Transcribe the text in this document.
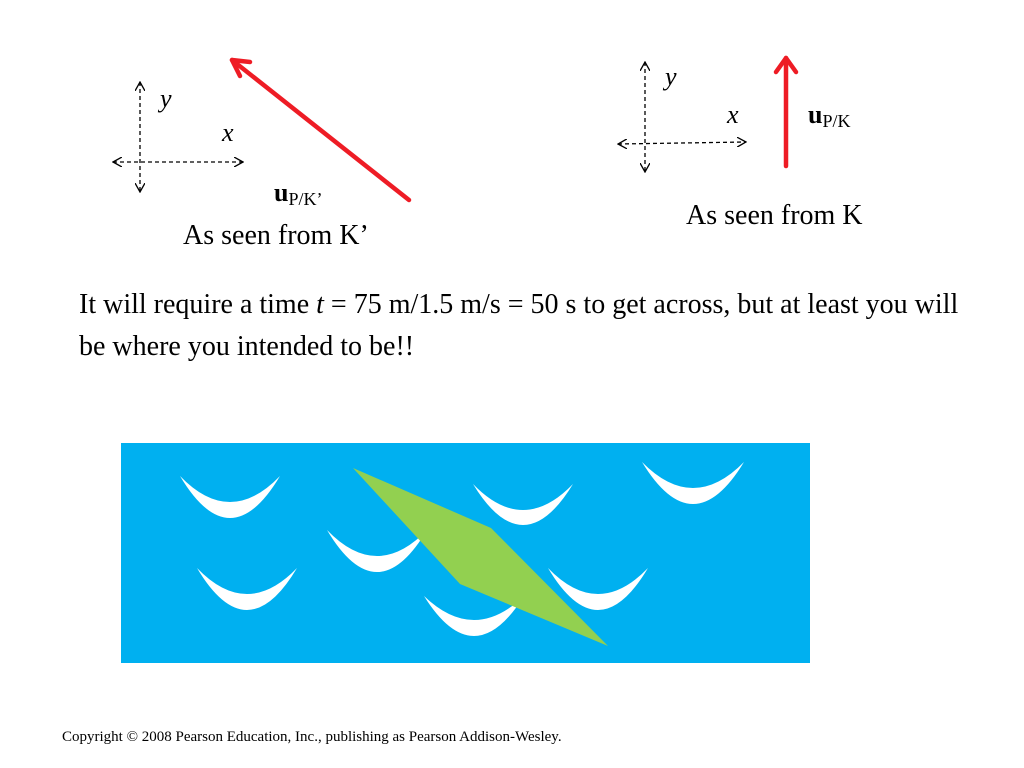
y
x
$u_{P/K’}$
As seen from K’
y
x	$u_{P/K}$
As seen from K
It will require a time t = 75 m/1.5 m/s = 50 s to get across, but at least you will be where you intended to be!!
Copyright © 2008 Pearson Education, Inc., publishing as Pearson Addison-Wesley.
